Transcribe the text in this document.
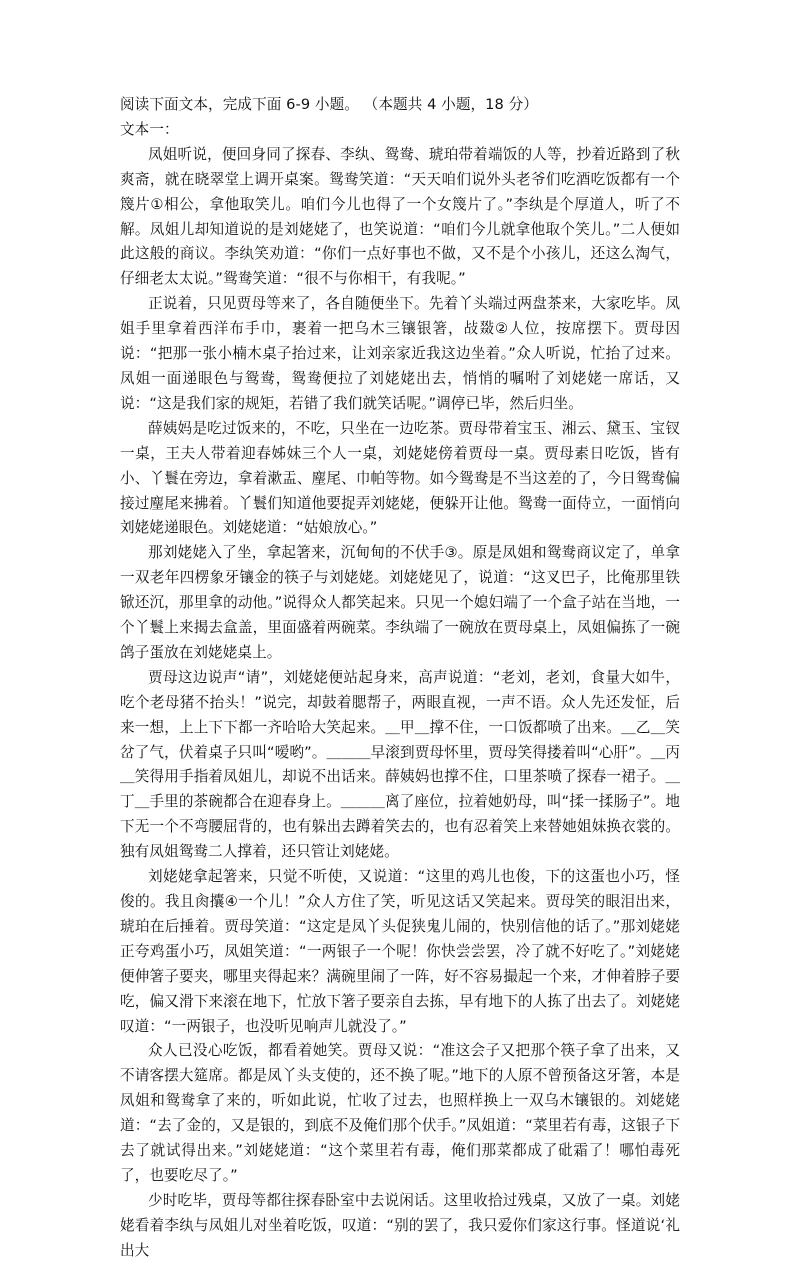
阅读下面文本，完成下面 6-9 小题。 （本题共 4 小题，18 分）

文本一：

凤姐听说，便回身同了探春、李纨、鸳鸯、琥珀带着端饭的人等，抄着近路到了秋爽斋，就在晓翠堂上调开桌案。鸳鸯笑道：“天天咱们说外头老爷们吃酒吃饭都有一个篾片①相公，拿他取笑儿。咱们今儿也得了一个女篾片了。”李纨是个厚道人，听了不解。凤姐儿却知道说的是刘姥姥了，也笑说道：“咱们今儿就拿他取个笑儿。”二人便如此这般的商议。李纨笑劝道：“你们一点好事也不做，又不是个小孩儿，还这么淘气，仔细老太太说。”鸳鸯笑道：“很不与你相干，有我呢。”

正说着，只见贾母等来了，各自随便坐下。先着丫头端过两盘茶来，大家吃毕。凤姐手里拿着西洋布手巾，裹着一把乌木三镶银箸，敁敠②人位，按席摆下。贾母因说：“把那一张小楠木桌子抬过来，让刘亲家近我这边坐着。”众人听说，忙抬了过来。凤姐一面递眼色与鸳鸯，鸳鸯便拉了刘姥姥出去，悄悄的嘱咐了刘姥姥一席话，又说：“这是我们家的规矩，若错了我们就笑话呢。”调停已毕，然后归坐。

薛姨妈是吃过饭来的，不吃，只坐在一边吃茶。贾母带着宝玉、湘云、黛玉、宝钗一桌，王夫人带着迎春姊妹三个人一桌，刘姥姥傍着贾母一桌。贾母素日吃饭，皆有小、丫鬟在旁边，拿着漱盂、麈尾、巾帕等物。如今鸳鸯是不当这差的了，今日鸳鸯偏接过麈尾来拂着。丫鬟们知道他要捉弄刘姥姥，便躲开让他。鸳鸯一面侍立，一面悄向刘姥姥递眼色。刘姥姥道：“姑娘放心。”

那刘姥姥入了坐，拿起箸来，沉甸甸的不伏手③。原是凤姐和鸳鸯商议定了，单拿一双老年四楞象牙镶金的筷子与刘姥姥。刘姥姥见了，说道：“这叉巴子，比俺那里铁锨还沉，那里拿的动他。”说得众人都笑起来。只见一个媳妇端了一个盒子站在当地，一个丫鬟上来揭去盒盖，里面盛着两碗菜。李纨端了一碗放在贾母桌上，凤姐偏拣了一碗鸽子蛋放在刘姥姥桌上。

贾母这边说声“请”，刘姥姥便站起身来，高声说道：“老刘，老刘，食量大如牛，吃个老母猪不抬头！”说完，却鼓着腮帮子，两眼直视，一声不语。众人先还发怔，后来一想，上上下下都一齐哈哈大笑起来。＿甲＿撑不住，一口饭都喷了出来。＿乙＿笑岔了气，伏着桌子只叫“嗳哟”。＿＿＿早滚到贾母怀里，贾母笑得搂着叫“心肝”。＿丙＿笑得用手指着凤姐儿，却说不出话来。薛姨妈也撑不住，口里茶喷了探春一裙子。＿丁＿手里的茶碗都合在迎春身上。＿＿＿离了座位，拉着她奶母，叫“揉一揉肠子”。地下无一个不弯腰屈背的，也有躲出去蹲着笑去的，也有忍着笑上来替她姐妹换衣裳的。独有凤姐鸳鸯二人撑着，还只管让刘姥姥。

刘姥姥拿起箸来，只觉不听使，又说道：“这里的鸡儿也俊，下的这蛋也小巧，怪俊的。我且肏攮④一个儿！”众人方住了笑，听见这话又笑起来。贾母笑的眼泪出来，琥珀在后捶着。贾母笑道：“这定是凤丫头促狭鬼儿闹的，快别信他的话了。”那刘姥姥正夸鸡蛋小巧，凤姐笑道：“一两银子一个呢！你快尝尝罢，冷了就不好吃了。”刘姥姥便伸箸子要夹，哪里夹得起来？满碗里闹了一阵，好不容易撮起一个来，才伸着脖子要吃，偏又滑下来滚在地下，忙放下箸子要亲自去拣，早有地下的人拣了出去了。刘姥姥叹道：“一两银子，也没听见响声儿就没了。”

众人已没心吃饭，都看着她笑。贾母又说：“准这会子又把那个筷子拿了出来，又不请客摆大筵席。都是凤丫头支使的，还不换了呢。”地下的人原不曾预备这牙箸，本是凤姐和鸳鸯拿了来的，听如此说，忙收了过去，也照样换上一双乌木镶银的。刘姥姥道：“去了金的，又是银的，到底不及俺们那个伏手。”凤姐道：“菜里若有毒，这银子下去了就试得出来。”刘姥姥道：“这个菜里若有毒，俺们那菜都成了砒霜了！哪怕毒死了，也要吃尽了。”

少时吃毕，贾母等都往探春卧室中去说闲话。这里收拾过残桌，又放了一桌。刘姥姥看着李纨与凤姐儿对坐着吃饭，叹道：“别的罢了，我只爱你们家这行事。怪道说‘礼出大
